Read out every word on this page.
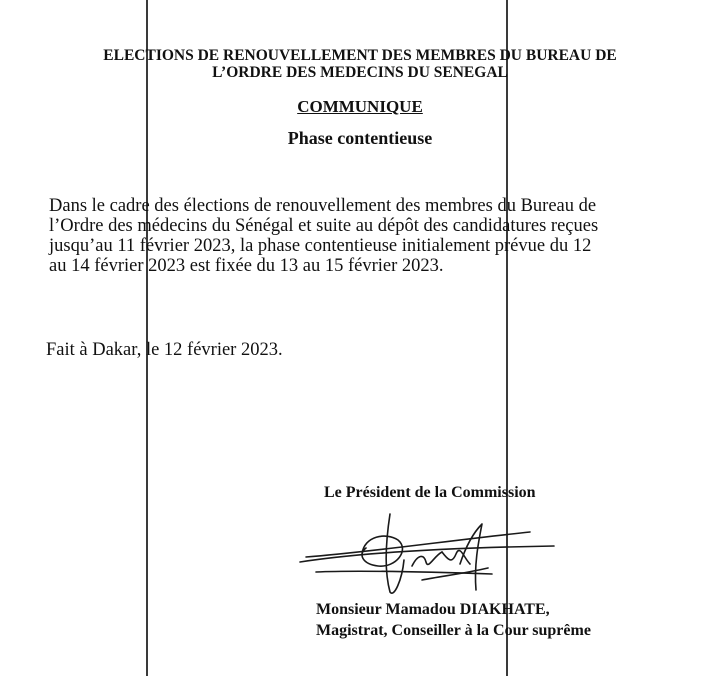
ELECTIONS DE RENOUVELLEMENT DES MEMBRES DU BUREAU DE
L’ORDRE DES MEDECINS DU SENEGAL
COMMUNIQUE
Phase contentieuse
Dans le cadre des élections de renouvellement des membres du Bureau de
l’Ordre des médecins du Sénégal et suite au dépôt des candidatures reçues
jusqu’au 11 février 2023, la phase contentieuse initialement prévue du 12
au 14 février 2023 est fixée du 13 au 15 février 2023.
Fait à Dakar, le 12 février 2023.
Le Président de la Commission
Monsieur Mamadou DIAKHATE,
Magistrat, Conseiller à la Cour suprême
